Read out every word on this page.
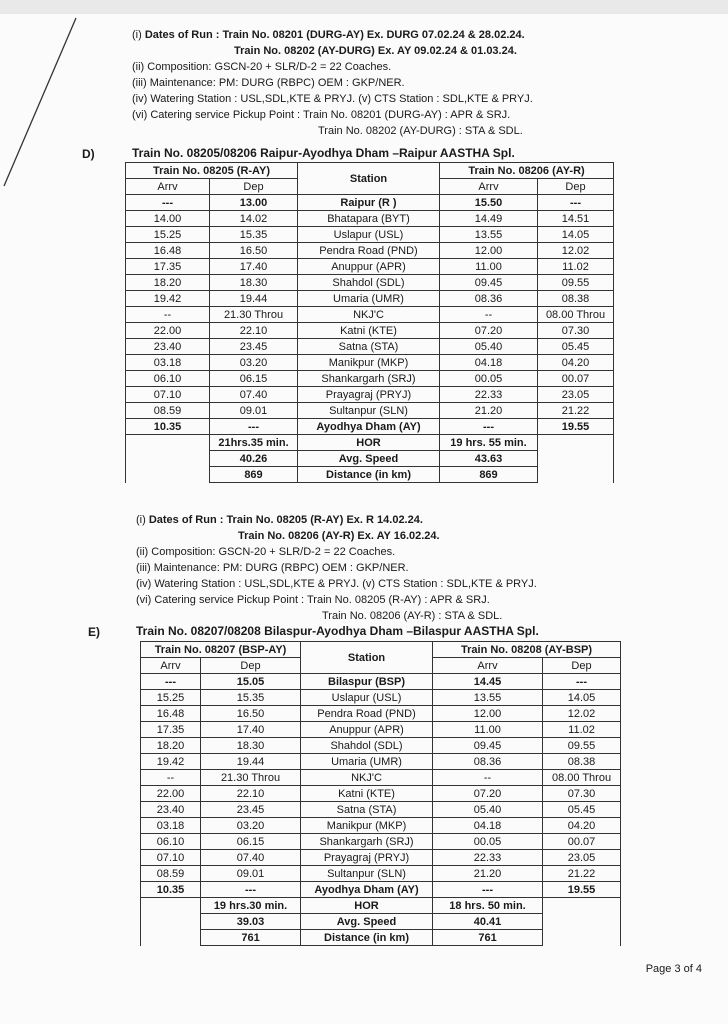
(i) Dates of Run : Train No. 08201 (DURG-AY) Ex. DURG 07.02.24 & 28.02.24.
Train No. 08202 (AY-DURG) Ex. AY 09.02.24 & 01.03.24.
(ii) Composition: GSCN-20 + SLR/D-2 = 22 Coaches.
(iii) Maintenance: PM: DURG (RBPC) OEM : GKP/NER.
(iv) Watering Station : USL,SDL,KTE & PRYJ. (v) CTS Station : SDL,KTE & PRYJ.
(vi) Catering service Pickup Point : Train No. 08201 (DURG-AY) : APR & SRJ.
Train No. 08202 (AY-DURG) : STA & SDL.
D)	Train No. 08205/08206 Raipur-Ayodhya Dham –Raipur AASTHA Spl.
Train No. 08205 (R-AY)		Station	Train No. 08206 (AY-R)	
Arrv	Dep		Arrv	Dep
---	13.00	Raipur (R )	15.50	---
14.00	14.02	Bhatapara (BYT)	14.49	14.51
15.25	15.35	Uslapur (USL)	13.55	14.05
16.48	16.50	Pendra Road (PND)	12.00	12.02
17.35	17.40	Anuppur (APR)	11.00	11.02
18.20	18.30	Shahdol (SDL)	09.45	09.55
19.42	19.44	Umaria (UMR)	08.36	08.38
--	21.30 Throu	NKJ'C	--	08.00 Throu
22.00	22.10	Katni (KTE)	07.20	07.30
23.40	23.45	Satna (STA)	05.40	05.45
03.18	03.20	Manikpur (MKP)	04.18	04.20
06.10	06.15	Shankargarh (SRJ)	00.05	00.07
07.10	07.40	Prayagraj (PRYJ)	22.33	23.05
08.59	09.01	Sultanpur (SLN)	21.20	21.22
10.35	---	Ayodhya Dham (AY)	---	19.55
	21hrs.35 min.	HOR	19 hrs. 55 min.	
	40.26	Avg. Speed	43.63	
	869	Distance (in km)	869	
(i) Dates of Run : Train No. 08205 (R-AY) Ex. R 14.02.24.
Train No. 08206 (AY-R) Ex. AY 16.02.24.
(ii) Composition: GSCN-20 + SLR/D-2 = 22 Coaches.
(iii) Maintenance: PM: DURG (RBPC) OEM : GKP/NER.
(iv) Watering Station : USL,SDL,KTE & PRYJ. (v) CTS Station : SDL,KTE & PRYJ.
(vi) Catering service Pickup Point : Train No. 08205 (R-AY) : APR & SRJ.
Train No. 08206 (AY-R) : STA & SDL.
E)	Train No. 08207/08208 Bilaspur-Ayodhya Dham –Bilaspur AASTHA Spl.
Train No. 08207 (BSP-AY)		Station	Train No. 08208 (AY-BSP)	
Arrv	Dep		Arrv	Dep
---	15.05	Bilaspur (BSP)	14.45	---
15.25	15.35	Uslapur (USL)	13.55	14.05
16.48	16.50	Pendra Road (PND)	12.00	12.02
17.35	17.40	Anuppur (APR)	11.00	11.02
18.20	18.30	Shahdol (SDL)	09.45	09.55
19.42	19.44	Umaria (UMR)	08.36	08.38
--	21.30 Throu	NKJ'C	--	08.00 Throu
22.00	22.10	Katni (KTE)	07.20	07.30
23.40	23.45	Satna (STA)	05.40	05.45
03.18	03.20	Manikpur (MKP)	04.18	04.20
06.10	06.15	Shankargarh (SRJ)	00.05	00.07
07.10	07.40	Prayagraj (PRYJ)	22.33	23.05
08.59	09.01	Sultanpur (SLN)	21.20	21.22
10.35	---	Ayodhya Dham (AY)	---	19.55
	19 hrs.30 min.	HOR	18 hrs. 50 min.	
	39.03	Avg. Speed	40.41	
	761	Distance (in km)	761	
Page 3 of 4
